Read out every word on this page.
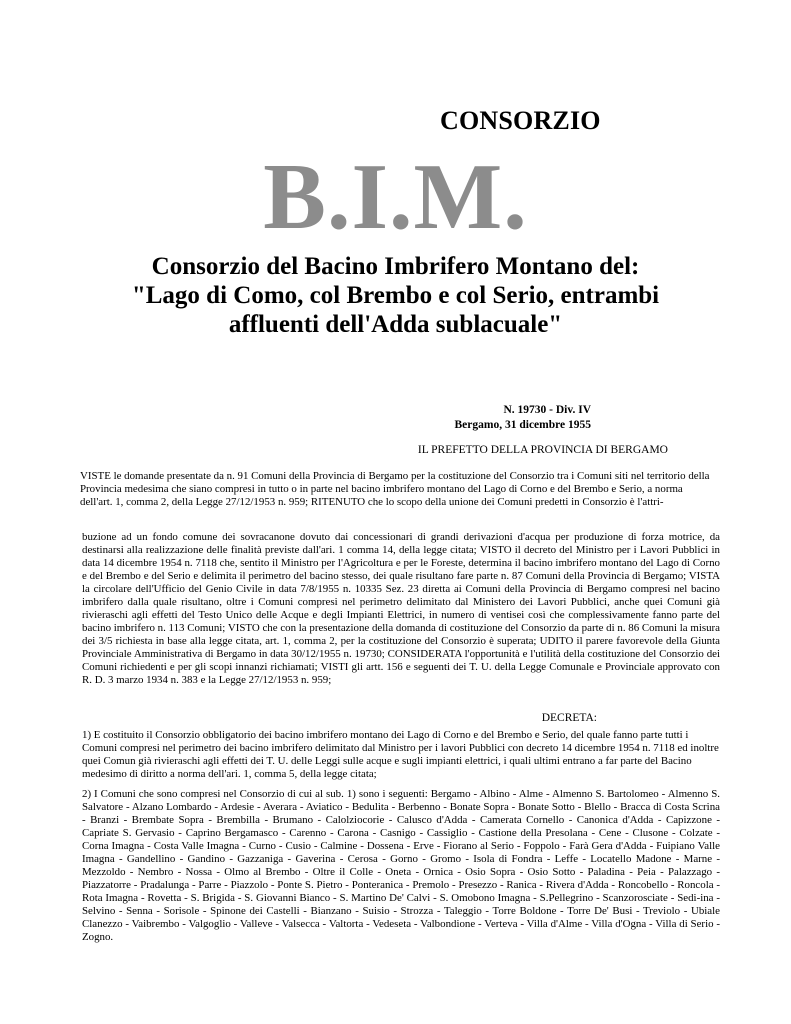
CONSORZIO
B.I.M.
Consorzio del Bacino Imbrifero Montano del:
"Lago di Como, col Brembo e col Serio, entrambi
affluenti dell'Adda sublacuale"
N. 19730 - Div. IV
Bergamo, 31 dicembre 1955
IL PREFETTO DELLA PROVINCIA DI BERGAMO

VISTE le domande presentate da n. 91 Comuni della Provincia di Bergamo per la costituzione del Consorzio tra i Comuni siti nel territorio della Provincia medesima che siano compresi in tutto o in parte nel bacino imbrifero montano del Lago di Corno e del Brembo e Serio, a norma dell'art. 1, comma 2, della Legge 27/12/1953 n. 959; RITENUTO che lo scopo della unione dei Comuni predetti in Consorzio è l'attri-

buzione ad un fondo comune dei sovracanone dovuto dai concessionari di grandi derivazioni d'acqua per produzione di forza motrice, da destinarsi alla realizzazione delle finalità previste dall'ari. 1 comma 14, della legge citata; VISTO il decreto del Ministro per i Lavori Pubblici in data 14 dicembre 1954 n. 7118 che, sentito il Ministro per l'Agricoltura e per le Foreste, determina il bacino imbrifero montano del Lago di Corno e del Brembo e del Serio e delimita il perimetro del bacino stesso, dei quale risultano fare parte n. 87 Comuni della Provincia di Bergamo; VISTA la circolare dell'Ufficio del Genio Civile in data 7/8/1955 n. 10335 Sez. 23 diretta ai Comuni della Provincia di Bergamo compresi nel bacino imbrifero dalla quale risultano, oltre i Comuni compresi nel perimetro delimitato dal Ministero dei Lavori Pubblici, anche quei Comuni già rivieraschi agli effetti del Testo Unico delle Acque e degli Impianti Elettrici, in numero di ventisei così che complessivamente fanno parte del bacino imbrifero n. 113 Comuni; VISTO che con la presentazione della domanda di costituzione del Consorzio da parte di n. 86 Comuni la misura dei 3/5 richiesta in base alla legge citata, art. 1, comma 2, per la costituzione del Consorzio è superata; UDITO il parere favorevole della Giunta Provinciale Amministrativa di Bergamo in data 30/12/1955 n. 19730; CONSIDERATA l'opportunità e l'utilità della costituzione del Consorzio dei Comuni richiedenti e per gli scopi innanzi richiamati; VISTI gli artt. 156 e seguenti dei T. U. della Legge Comunale e Provinciale approvato con R. D. 3 marzo 1934 n. 383 e la Legge 27/12/1953 n. 959;

DECRETA:

1) E costituito il Consorzio obbligatorio dei bacino imbrifero montano dei Lago di Corno e del Brembo e Serio, del quale fanno parte tutti i Comuni compresi nel perimetro dei bacino imbrifero delimitato dal Ministro per i lavori Pubblici con decreto 14 dicembre 1954 n. 7118 ed inoltre quei Comun già rivieraschi agli effetti dei T. U. delle Leggi sulle acque e sugli impianti elettrici, i quali ultimi entrano a far parte del Bacino medesimo di diritto a norma dell'ari. 1, comma 5, della legge citata;

2) I Comuni che sono compresi nel Consorzio di cui al sub. 1) sono i seguenti: Bergamo - Albino - Alme - Almenno S. Bartolomeo - Almenno S. Salvatore - Alzano Lombardo - Ardesie - Averara - Aviatico - Bedulita - Berbenno - Bonate Sopra - Bonate Sotto - Blello - Bracca di Costa Scrina - Branzi - Brembate Sopra - Brembilla - Brumano - Calolziocorie - Calusco d'Adda - Camerata Cornello - Canonica d'Adda - Capizzone - Capriate S. Gervasio - Caprino Bergamasco - Carenno - Carona - Casnigo - Cassiglio - Castione della Presolana - Cene - Clusone - Colzate - Corna Imagna - Costa Valle Imagna - Curno - Cusio - Calmine - Dossena - Erve - Fiorano al Serio - Foppolo - Farà Gera d'Adda - Fuipiano Valle Imagna - Gandellino - Gandino - Gazzaniga - Gaverina - Cerosa - Gorno - Gromo - Isola di Fondra - Leffe - Locatello Madone - Marne - Mezzoldo - Nembro - Nossa - Olmo al Brembo - Oltre il Colle - Oneta - Ornica - Osio Sopra - Osio Sotto - Paladina - Peia - Palazzago - Piazzatorre - Pradalunga - Parre - Piazzolo - Ponte S. Pietro - Ponteranica - Premolo - Presezzo - Ranica - Rivera d'Adda - Roncobello - Roncola - Rota Imagna - Rovetta - S. Brigida - S. Giovanni Bianco - S. Martino De' Calvi - S. Omobono Imagna - S.Pellegrino - Scanzorosciate - Sedi-ina - Selvino - Senna - Sorisole - Spinone dei Castelli - Bianzano - Suisio - Strozza - Taleggio - Torre Boldone - Torre De' Busi - Treviolo - Ubiale Clanezzo - Vaibrembo - Valgoglio - Valleve - Valsecca - Valtorta - Vedeseta - Valbondione - Verteva - Villa d'Alme - Villa d'Ogna - Villa di Serio - Zogno.
